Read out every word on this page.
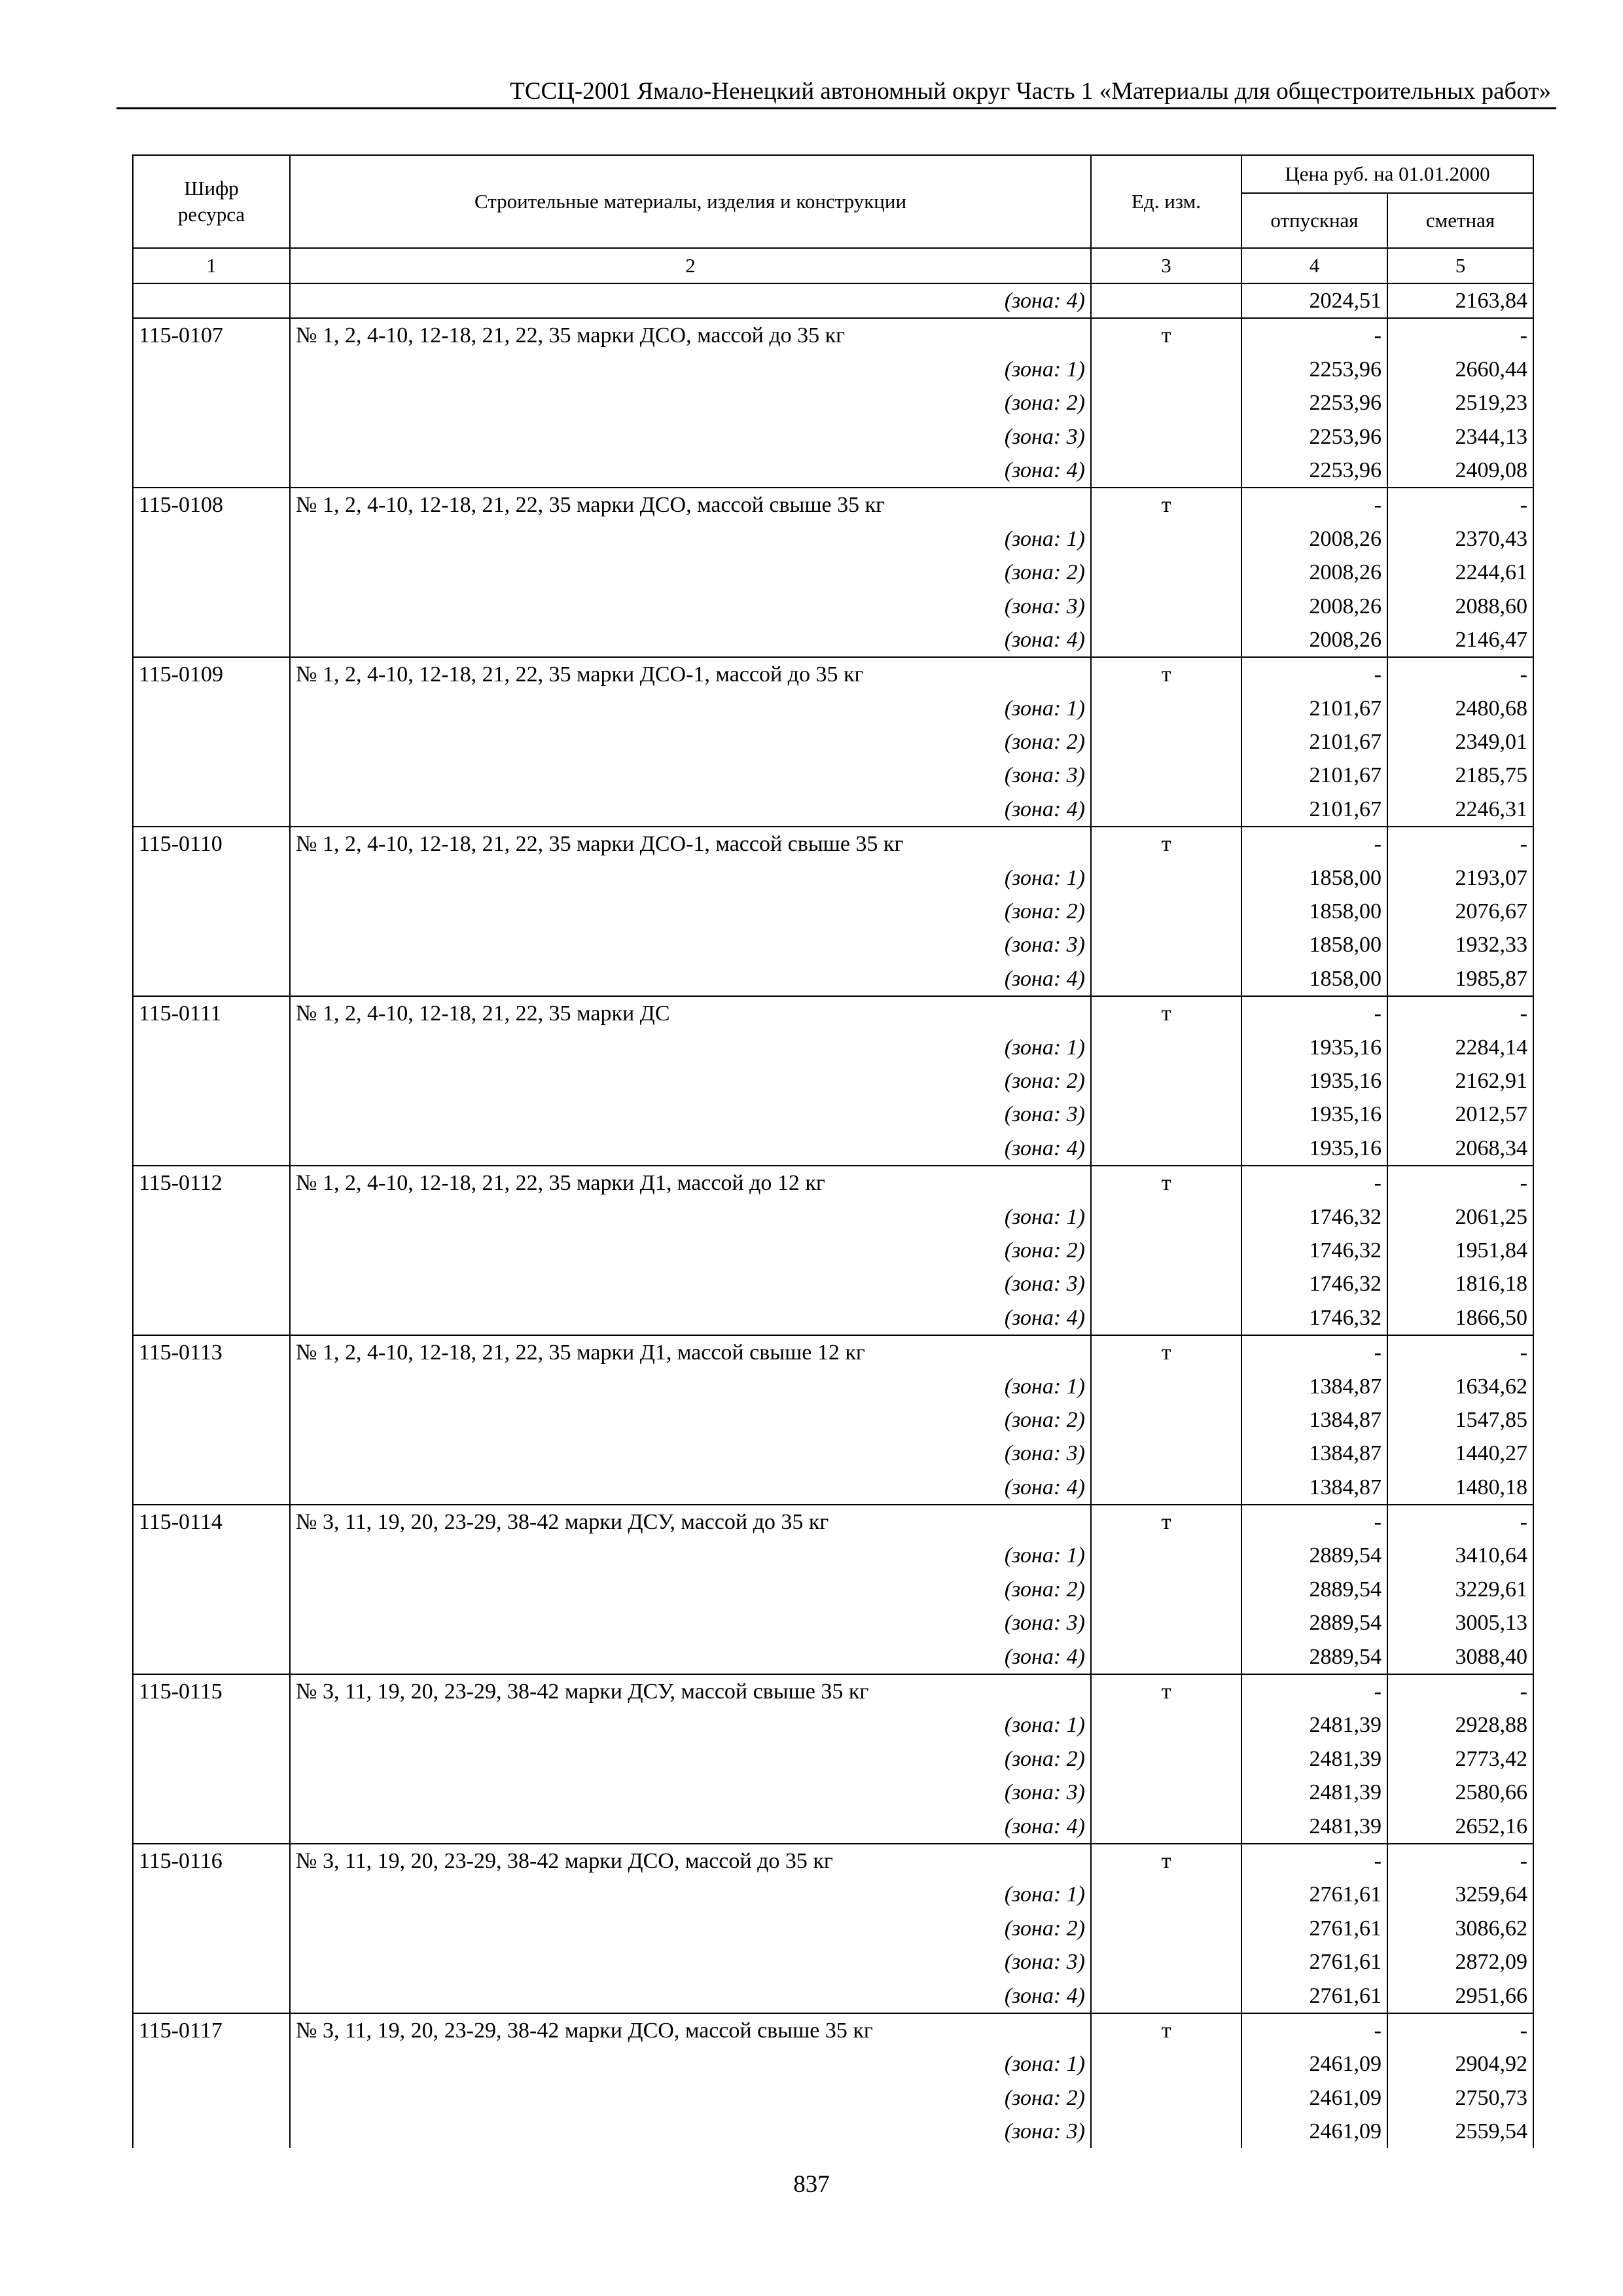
ТССЦ-2001 Ямало-Ненецкий автономный округ Часть 1 «Материалы для общестроительных работ»
Шифр ресурса	Строительные материалы, изделия и конструкции	Ед. изм.	Цена руб. на 01.01.2000	
			отпускная	сметная
1	2	3	4	5
	(зона: 4)		2024,51	2163,84
115-0107	№ 1, 2, 4-10, 12-18, 21, 22, 35 марки ДСО, массой до 35 кг	т	-	-
	(зона: 1)		2253,96	2660,44
	(зона: 2)		2253,96	2519,23
	(зона: 3)		2253,96	2344,13
	(зона: 4)		2253,96	2409,08
115-0108	№ 1, 2, 4-10, 12-18, 21, 22, 35 марки ДСО, массой свыше 35 кг	т	-	-
	(зона: 1)		2008,26	2370,43
	(зона: 2)		2008,26	2244,61
	(зона: 3)		2008,26	2088,60
	(зона: 4)		2008,26	2146,47
115-0109	№ 1, 2, 4-10, 12-18, 21, 22, 35 марки ДСО-1, массой до 35 кг	т	-	-
	(зона: 1)		2101,67	2480,68
	(зона: 2)		2101,67	2349,01
	(зона: 3)		2101,67	2185,75
	(зона: 4)		2101,67	2246,31
115-0110	№ 1, 2, 4-10, 12-18, 21, 22, 35 марки ДСО-1, массой свыше 35 кг	т	-	-
	(зона: 1)		1858,00	2193,07
	(зона: 2)		1858,00	2076,67
	(зона: 3)		1858,00	1932,33
	(зона: 4)		1858,00	1985,87
115-0111	№ 1, 2, 4-10, 12-18, 21, 22, 35 марки ДС	т	-	-
	(зона: 1)		1935,16	2284,14
	(зона: 2)		1935,16	2162,91
	(зона: 3)		1935,16	2012,57
	(зона: 4)		1935,16	2068,34
115-0112	№ 1, 2, 4-10, 12-18, 21, 22, 35 марки Д1, массой до 12 кг	т	-	-
	(зона: 1)		1746,32	2061,25
	(зона: 2)		1746,32	1951,84
	(зона: 3)		1746,32	1816,18
	(зона: 4)		1746,32	1866,50
115-0113	№ 1, 2, 4-10, 12-18, 21, 22, 35 марки Д1, массой свыше 12 кг	т	-	-
	(зона: 1)		1384,87	1634,62
	(зона: 2)		1384,87	1547,85
	(зона: 3)		1384,87	1440,27
	(зона: 4)		1384,87	1480,18
115-0114	№ 3, 11, 19, 20, 23-29, 38-42 марки ДСУ, массой до 35 кг	т	-	-
	(зона: 1)		2889,54	3410,64
	(зона: 2)		2889,54	3229,61
	(зона: 3)		2889,54	3005,13
	(зона: 4)		2889,54	3088,40
115-0115	№ 3, 11, 19, 20, 23-29, 38-42 марки ДСУ, массой свыше 35 кг	т	-	-
	(зона: 1)		2481,39	2928,88
	(зона: 2)		2481,39	2773,42
	(зона: 3)		2481,39	2580,66
	(зона: 4)		2481,39	2652,16
115-0116	№ 3, 11, 19, 20, 23-29, 38-42 марки ДСО, массой до 35 кг	т	-	-
	(зона: 1)		2761,61	3259,64
	(зона: 2)		2761,61	3086,62
	(зона: 3)		2761,61	2872,09
	(зона: 4)		2761,61	2951,66
115-0117	№ 3, 11, 19, 20, 23-29, 38-42 марки ДСО, массой свыше 35 кг	т	-	-
	(зона: 1)		2461,09	2904,92
	(зона: 2)		2461,09	2750,73
	(зона: 3)		2461,09	2559,54
837
